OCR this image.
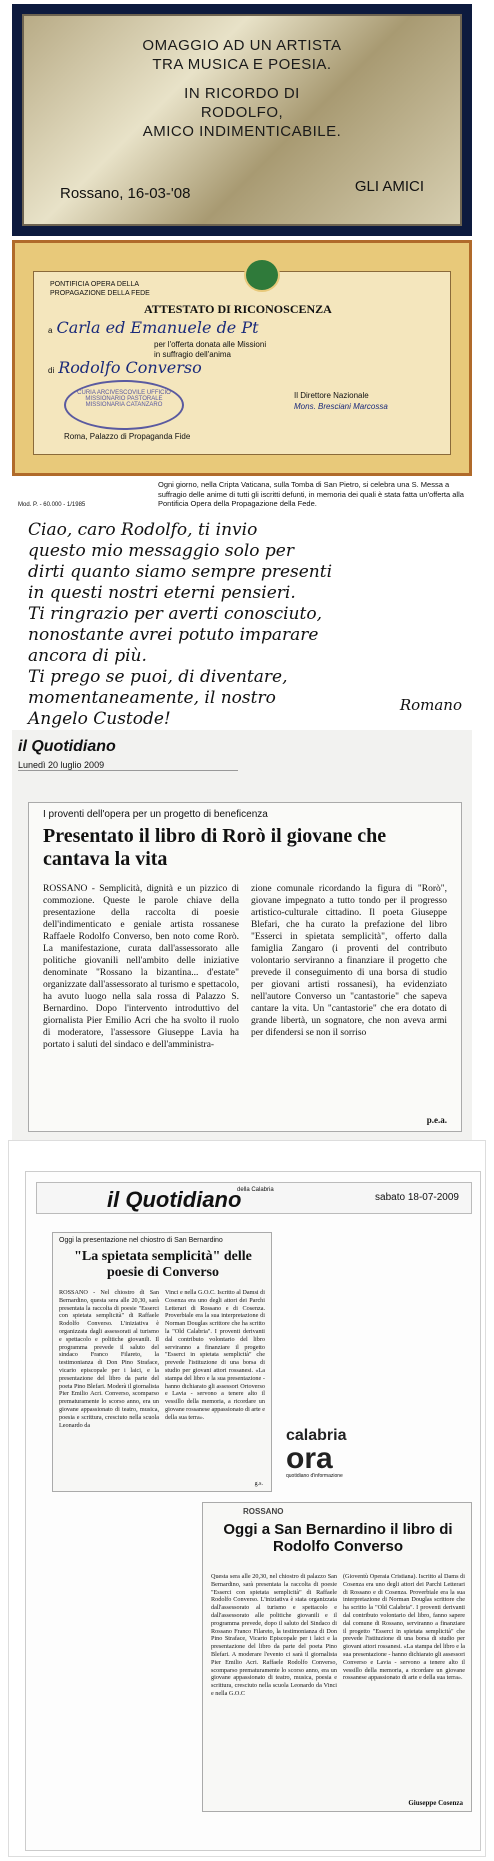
OMAGGIO AD UN ARTISTA
TRA MUSICA E POESIA.
IN RICORDO DI
RODOLFO,
AMICO INDIMENTICABILE.
GLI AMICI
Rossano, 16-03-'08
PONTIFICIA OPERA DELLA
PROPAGAZIONE DELLA FEDE
ATTESTATO DI RICONOSCENZA
a Carla ed Emanuele de Pt
per l'offerta donata alle Missioni
in suffragio dell'anima
di Rodolfo Converso
CURIA ARCIVESCOVILE UFFICIO MISSIONARIO PASTORALE MISSIONARIA CATANZARO
Roma, Palazzo di Propaganda Fide
Il Direttore Nazionale
Mons. Bresciani Marcossa
Mod. P. - 60.000 - 1/1985
Ogni giorno, nella Cripta Vaticana, sulla Tomba di San Pietro, si celebra una S. Messa a suffragio delle anime di tutti gli iscritti defunti, in memoria dei quali è stata fatta un'offerta alla Pontificia Opera della Propagazione della Fede.
Ciao, caro Rodolfo, ti invio
questo mio messaggio solo per
dirti quanto siamo sempre presenti
in questi nostri eterni pensieri.
Ti ringrazio per averti conosciuto,
nonostante avrei potuto imparare
ancora di più.
Ti prego se puoi, di diventare,
momentaneamente, il nostro
Angelo Custode!
Romano
il Quotidiano
Lunedì 20 luglio 2009
I proventi dell'opera per un progetto di beneficenza
Presentato il libro di Rorò il giovane che cantava la vita
ROSSANO - Semplicità, dignità e un pizzico di commozione. Queste le parole chiave della presentazione della raccolta di poesie dell'indimenticato e geniale artista rossanese Raffaele Rodolfo Converso, ben noto come Rorò. La manifestazione, curata dall'assessorato alle politiche giovanili nell'ambito delle iniziative denominate "Rossano la bizantina... d'estate" organizzate dall'assessorato al turismo e spettacolo, ha avuto luogo nella sala rossa di Palazzo S. Bernardino. Dopo l'intervento introduttivo del giornalista Pier Emilio Acri che ha svolto il ruolo di moderatore, l'assessore Giuseppe Lavia ha portato i saluti del sindaco e dell'amministra-
zione comunale ricordando la figura di "Rorò", giovane impegnato a tutto tondo per il progresso artistico-culturale cittadino. Il poeta Giuseppe Blefari, che ha curato la prefazione del libro "Esserci in spietata semplicità", offerto dalla famiglia Zangaro (i proventi del contributo volontario serviranno a finanziare il progetto che prevede il conseguimento di una borsa di studio per giovani artisti rossanesi), ha evidenziato nell'autore Converso un "cantastorie" che sapeva cantare la vita. Un "cantastorie" che era dotato di grande libertà, un sognatore, che non aveva armi per difendersi se non il sorriso
p.e.a.
il Quotidiano
della Calabria
sabato 18-07-2009
Oggi la presentazione nel chiostro di San Bernardino
"La spietata semplicità" delle poesie di Converso
ROSSANO - Nel chiostro di San Bernardino, questa sera alle 20,30, sarà presentata la raccolta di poesie "Esserci con spietata semplicità" di Raffaele Rodolfo Converso. L'iniziativa è organizzata dagli assessorati al turismo e spettacolo e politiche giovanili. Il programma prevede il saluto del sindaco Franco Filareto, la testimonianza di Don Pino Straface, vicario episcopale per i laici, e la presentazione del libro da parte del poeta Pino Blefari. Moderà il giornalista Pier Emilio Acri. Converso, scomparso prematuramente lo scorso anno, era un giovane appassionato di teatro, musica, poesia e scrittura, cresciuto nella scuola Leonardo da
Vinci e nella G.O.C. Iscritto al Damsi di Cosenza era uno degli attori dei Parchi Letterari di Rossano e di Cosenza. Proverbiale era la sua interpretazione di Norman Douglas scrittore che ha scritto la "Old Calabria". I proventi derivanti dal contributo volontario del libro serviranno a finanziare il progetto "Esserci in spietata semplicità" che prevede l'istituzione di una borsa di studio per giovani attori rossanesi. «La stampa del libro e la sua presentazione - hanno dichiarato gli assessori Ortoverso e Lavia - servono a tenere alto il vessillo della memoria, a ricordare un giovane rossanese appassionato di arte e della sua terra».
g.s.
calabria
ora
quotidiano d'informazione
ROSSANO
Oggi a San Bernardino il libro di Rodolfo Converso
Questa sera alle 20,30, nel chiostro di palazzo San Bernardino, sarà presentata la raccolta di poesie "Esserci con spietata semplicità" di Raffaele Rodolfo Converso. L'iniziativa è stata organizzata dall'assessorato al turismo e spettacolo e dall'assessorato alle politiche giovanili e il programma prevede, dopo il saluto del Sindaco di Rossano Franco Filareto, la testimonianza di Don Pino Straface, Vicario Episcopale per i laici e la presentazione del libro da parte del poeta Pino Blefari. A moderare l'evento ci sarà il giornalista Pier Emilio Acri. Raffaele Rodolfo Converso, scomparso prematuramente lo scorso anno, era un giovane appassionato di teatro, musica, poesia e scrittura, cresciuto nella scuola Leonardo da Vinci e nella G.O.C
(Gioventù Operaia Cristiana). Iscritto al Dams di Cosenza era uno degli attori dei Parchi Letterari di Rossano e di Cosenza. Proverbiale era la sua interpretazione di Norman Douglas scrittore che ha scritto la "Old Calabria". I proventi derivanti dal contributo volontario del libro, fanno sapere dal comune di Rossano, serviranno a finanziare il progetto "Esserci in spietata semplicità" che prevede l'istituzione di una borsa di studio per giovani attori rossanesi. «La stampa del libro e la sua presentazione - hanno dichiarato gli assessori Converso e Lavia - servono a tenere alto il vessillo della memoria, a ricordare un giovane rossanese appassionato di arte e della sua terra».
Giuseppe Cosenza
